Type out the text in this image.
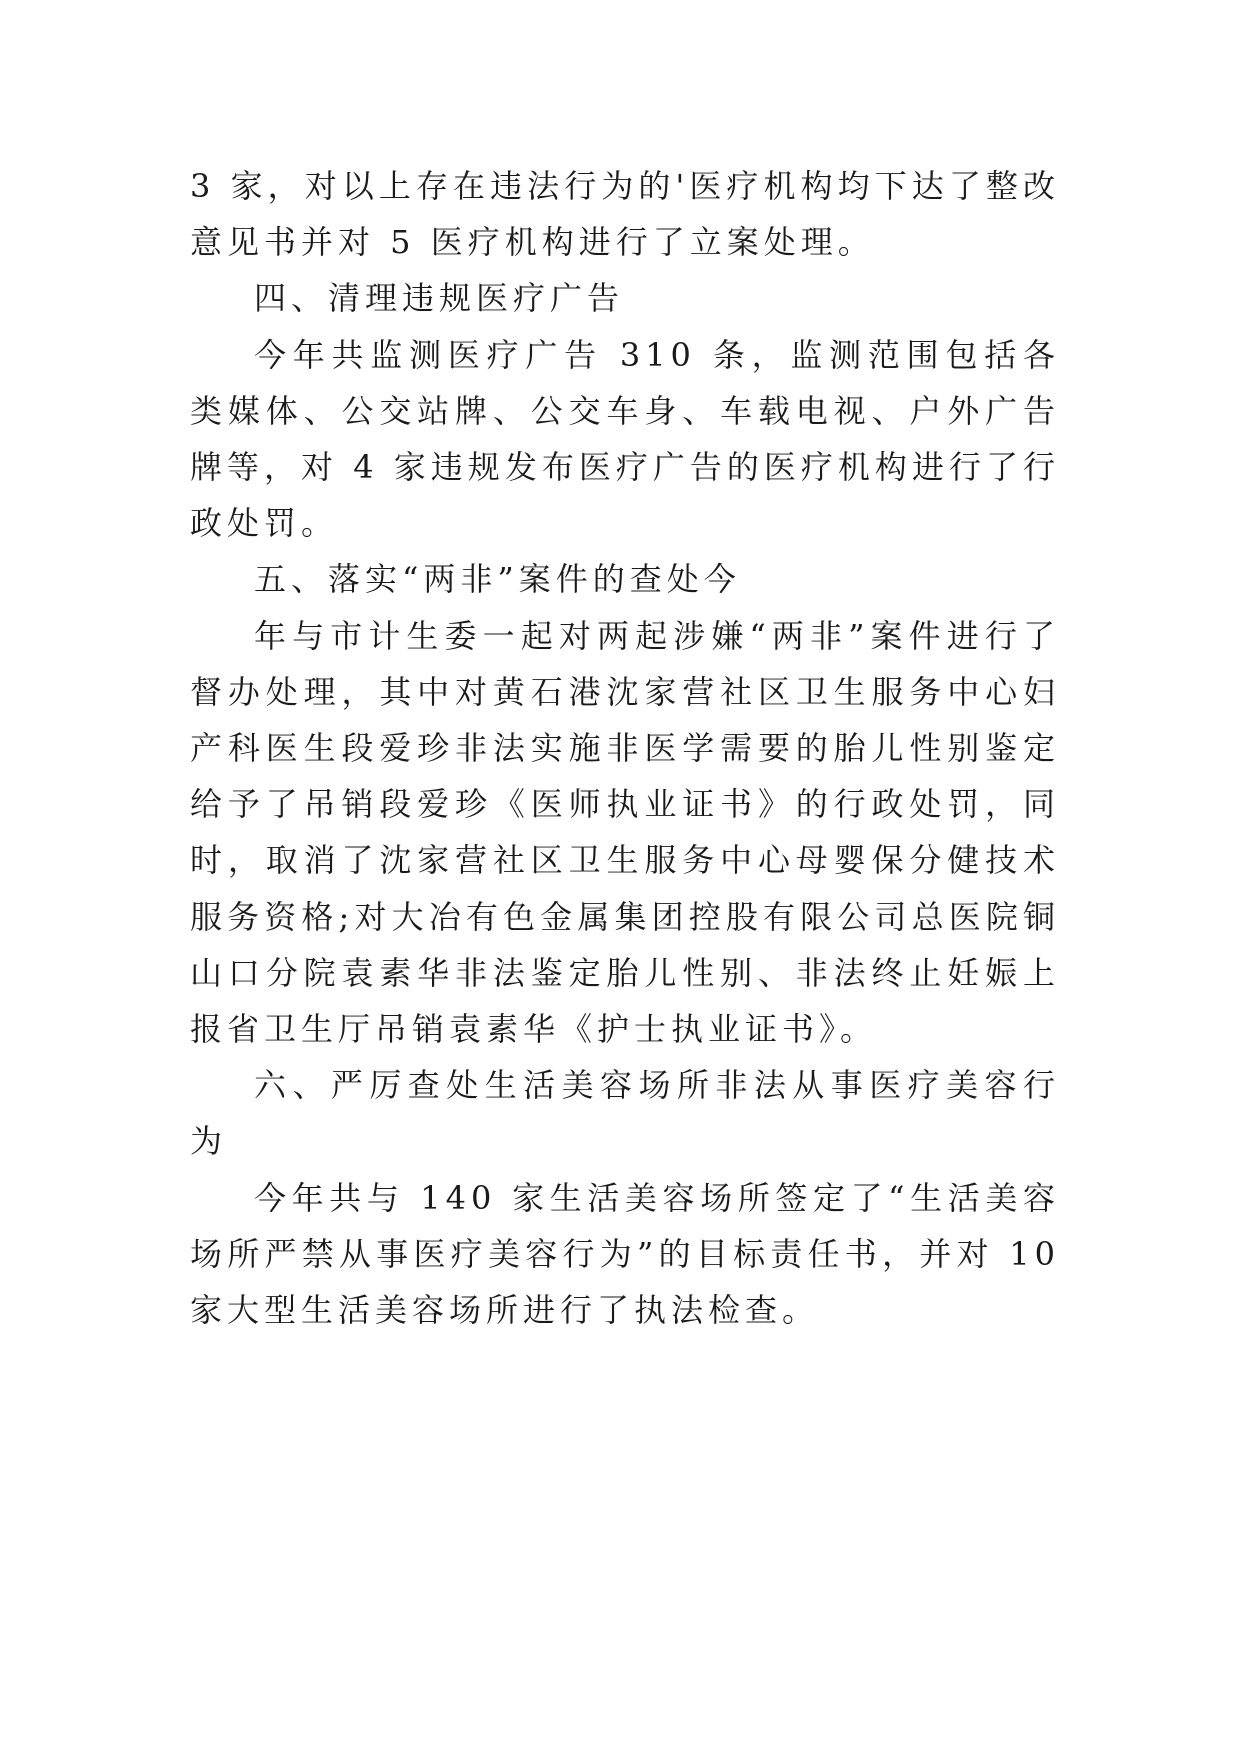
3 家，对以上存在违法行为的'医疗机构均下达了整改意见书并对 5 医疗机构进行了立案处理。

四、清理违规医疗广告

今年共监测医疗广告 310 条，监测范围包括各类媒体、公交站牌、公交车身、车载电视、户外广告牌等，对 4 家违规发布医疗广告的医疗机构进行了行政处罚。

五、落实“两非”案件的查处今

年与市计生委一起对两起涉嫌“两非”案件进行了督办处理，其中对黄石港沈家营社区卫生服务中心妇产科医生段爱珍非法实施非医学需要的胎儿性别鉴定给予了吊销段爱珍《医师执业证书》的行政处罚，同时，取消了沈家营社区卫生服务中心母婴保分健技术服务资格;对大冶有色金属集团控股有限公司总医院铜山口分院袁素华非法鉴定胎儿性别、非法终止妊娠上报省卫生厅吊销袁素华《护士执业证书》。

六、严厉查处生活美容场所非法从事医疗美容行为

今年共与 140 家生活美容场所签定了“生活美容场所严禁从事医疗美容行为”的目标责任书，并对 10 家大型生活美容场所进行了执法检查。
